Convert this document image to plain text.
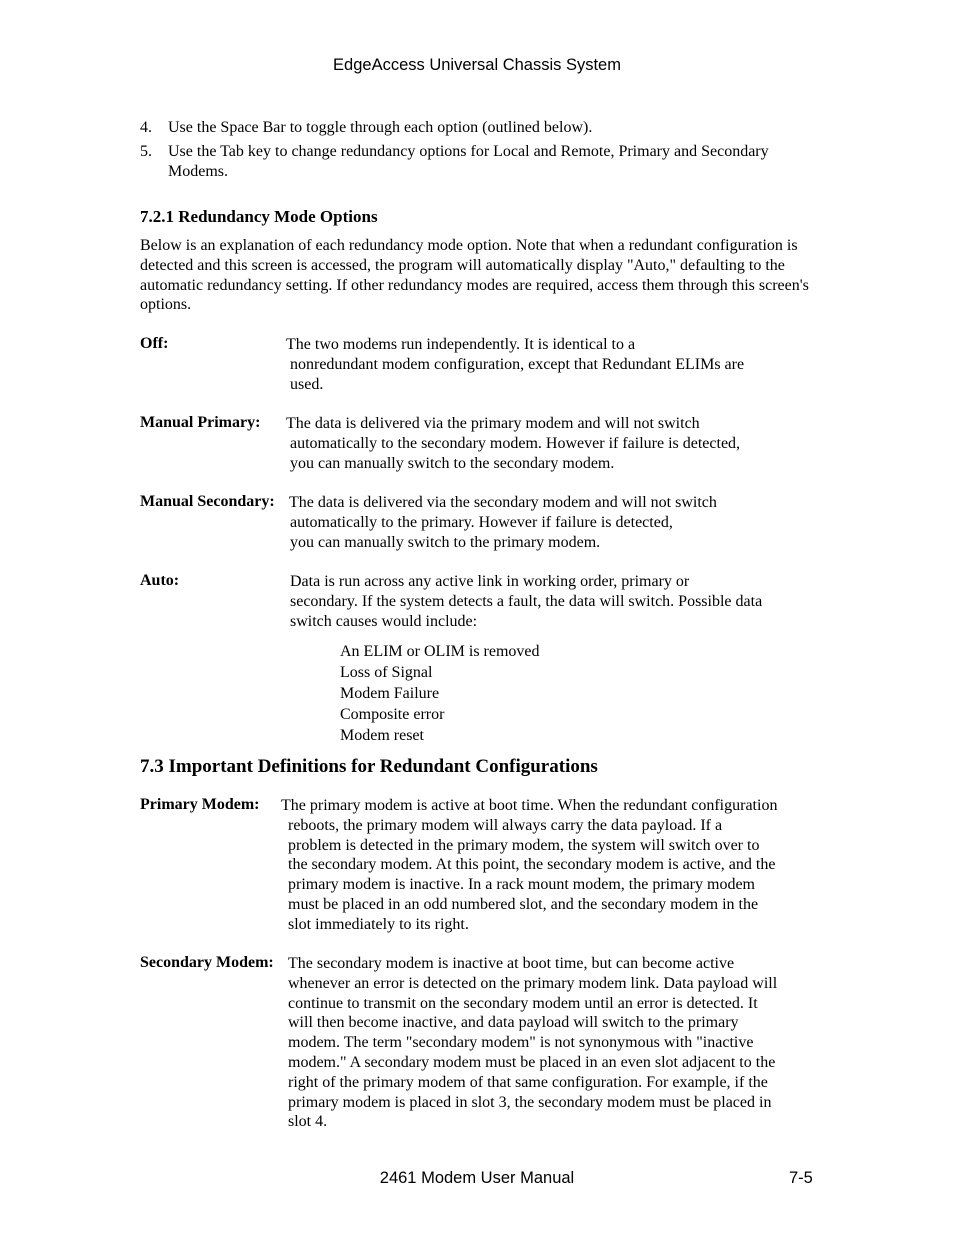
EdgeAccess Universal Chassis System
4.	Use the Space Bar to toggle through each option (outlined below).
5.	Use the Tab key to change redundancy options for Local and Remote, Primary and Secondary Modems.
7.2.1 Redundancy Mode Options
Below is an explanation of each redundancy mode option. Note that when a redundant configuration is detected and this screen is accessed, the program will automatically display "Auto," defaulting to the automatic redundancy setting. If other redundancy modes are required, access them through this screen's options.
Off:	The two modems run independently. It is identical to a
nonredundant modem configuration, except that Redundant ELIMs are
used.
Manual Primary: The data is delivered via the primary modem and will not switch
automatically to the secondary modem. However if failure is detected,
you can manually switch to the secondary modem.
Manual Secondary: The data is delivered via the secondary modem and will not switch
automatically to the primary. However if failure is detected,
you can manually switch to the primary modem.
Auto:	Data is run across any active link in working order, primary or
secondary. If the system detects a fault, the data will switch. Possible data
switch causes would include:
An ELIM or OLIM is removed
Loss of Signal
Modem Failure
Composite error
Modem reset
7.3 Important Definitions for Redundant Configurations
Primary Modem: The primary modem is active at boot time. When the redundant configuration
reboots, the primary modem will always carry the data payload. If a
problem is detected in the primary modem, the system will switch over to
the secondary modem. At this point, the secondary modem is active, and the
primary modem is inactive. In a rack mount modem, the primary modem
must be placed in an odd numbered slot, and the secondary modem in the
slot immediately to its right.
Secondary Modem: The secondary modem is inactive at boot time, but can become active
whenever an error is detected on the primary modem link. Data payload will
continue to transmit on the secondary modem until an error is detected. It
will then become inactive, and data payload will switch to the primary
modem. The term "secondary modem" is not synonymous with "inactive
modem." A secondary modem must be placed in an even slot adjacent to the
right of the primary modem of that same configuration. For example, if the
primary modem is placed in slot 3, the secondary modem must be placed in
slot 4.
2461 Modem User Manual	7-5
